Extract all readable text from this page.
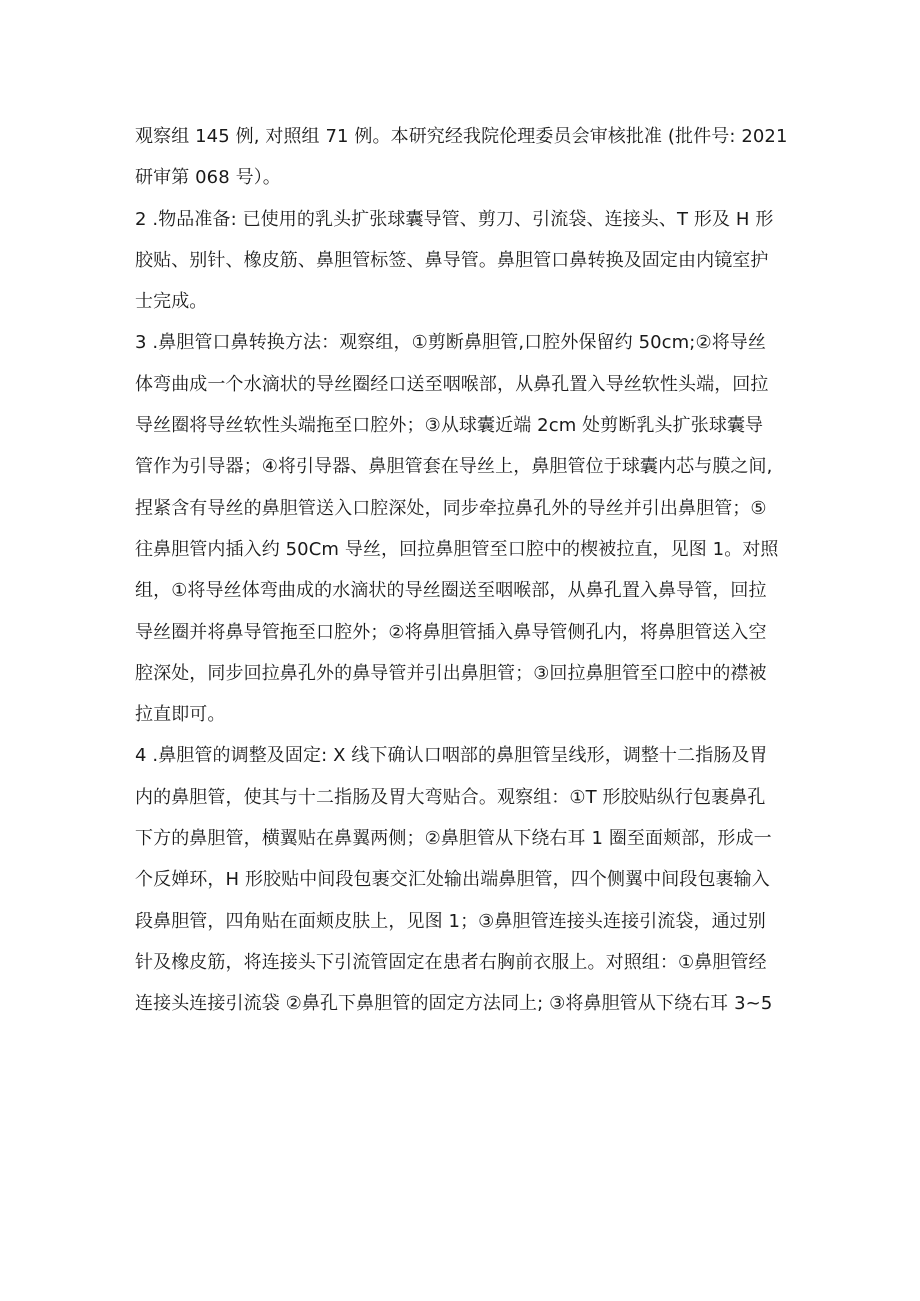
观察组 145 例, 对照组 71 例。本研究经我院伦理委员会审核批准 (批件号: 2021
研审第 068 号）。
2 .物品准备: 已使用的乳头扩张球囊导管、剪刀、引流袋、连接头、T 形及 H 形
胶贴、别针、橡皮筋、鼻胆管标签、鼻导管。鼻胆管口鼻转换及固定由内镜室护
士完成。
3 .鼻胆管口鼻转换方法：观察组，①剪断鼻胆管,口腔外保留约 50cm;②将导丝
体弯曲成一个水滴状的导丝圈经口送至咽喉部，从鼻孔置入导丝软性头端，回拉
导丝圈将导丝软性头端拖至口腔外；③从球囊近端 2cm 处剪断乳头扩张球囊导
管作为引导器；④将引导器、鼻胆管套在导丝上，鼻胆管位于球囊内芯与膜之间,
捏紧含有导丝的鼻胆管送入口腔深处，同步牵拉鼻孔外的导丝并引出鼻胆管；⑤
往鼻胆管内插入约 50Cm 导丝，回拉鼻胆管至口腔中的楔被拉直，见图 1。对照
组，①将导丝体弯曲成的水滴状的导丝圈送至咽喉部，从鼻孔置入鼻导管，回拉
导丝圈并将鼻导管拖至口腔外；②将鼻胆管插入鼻导管侧孔内，将鼻胆管送入空
腔深处，同步回拉鼻孔外的鼻导管并引出鼻胆管；③回拉鼻胆管至口腔中的襟被
拉直即可。
4 .鼻胆管的调整及固定: X 线下确认口咽部的鼻胆管呈线形，调整十二指肠及胃
内的鼻胆管，使其与十二指肠及胃大弯贴合。观察组：①T 形胶贴纵行包裹鼻孔
下方的鼻胆管，横翼贴在鼻翼两侧；②鼻胆管从下绕右耳 1 圈至面颊部，形成一
个反婵环，H 形胶贴中间段包裹交汇处输出端鼻胆管，四个侧翼中间段包裹输入
段鼻胆管，四角贴在面颊皮肤上，见图 1；③鼻胆管连接头连接引流袋，通过别
针及橡皮筋，将连接头下引流管固定在患者右胸前衣服上。对照组：①鼻胆管经
连接头连接引流袋 ②鼻孔下鼻胆管的固定方法同上; ③将鼻胆管从下绕右耳 3~5
